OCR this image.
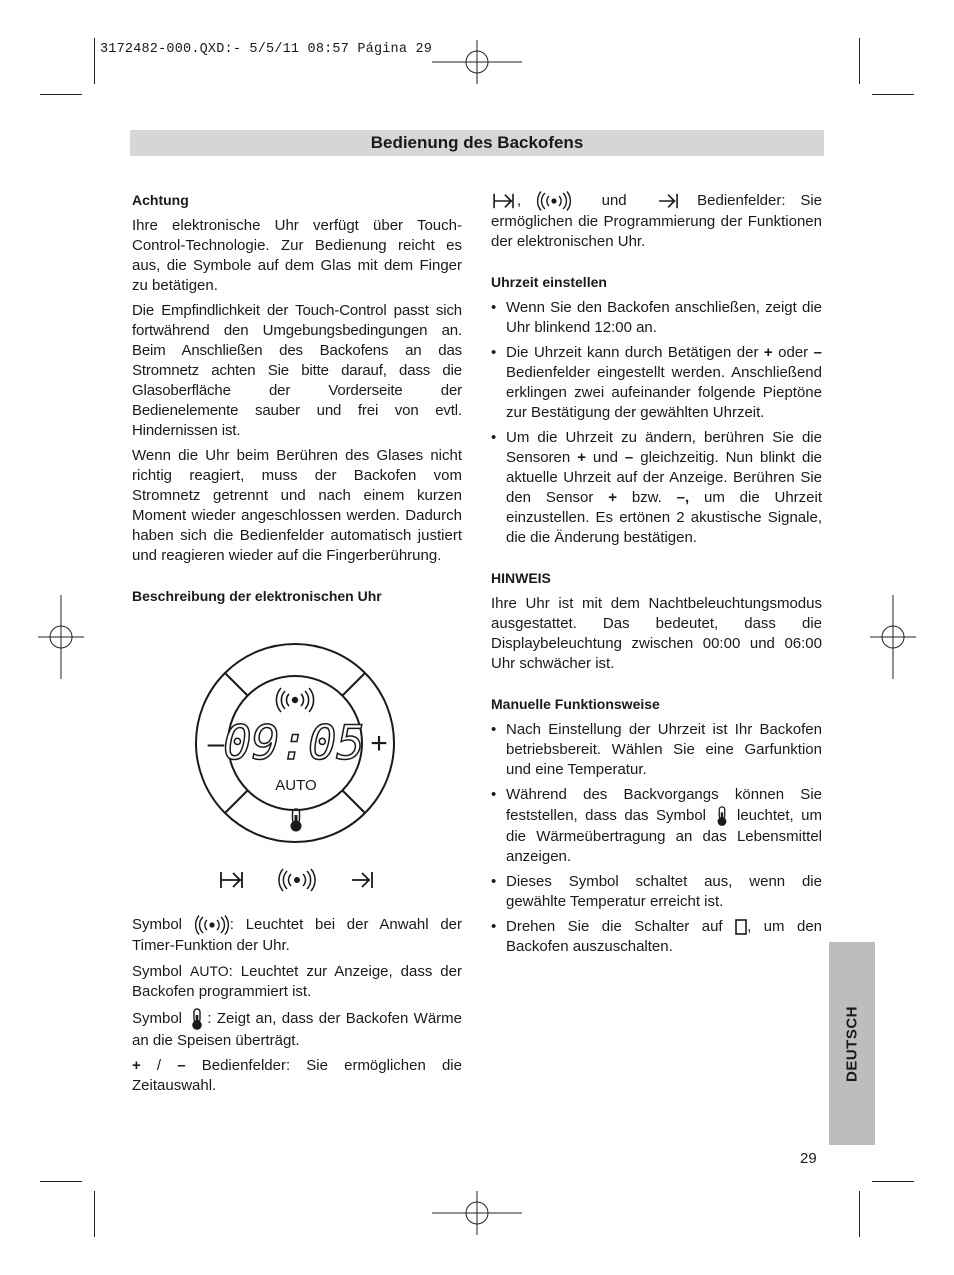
3172482-000.QXD:- 5/5/11 08:57 Página 29
Bedienung des Backofens
Achtung

Ihre elektronische Uhr verfügt über Touch-Control-Technologie. Zur Bedienung reicht es aus, die Symbole auf dem Glas mit dem Finger zu betätigen.

Die Empfindlichkeit der Touch-Control passt sich fortwährend den Umgebungsbedingungen an. Beim Anschließen des Backofens an das Stromnetz achten Sie bitte darauf, dass die Glasoberfläche der Vorderseite der Bedienelemente sauber und frei von evtl. Hindernissen ist.

Wenn die Uhr beim Berühren des Glases nicht richtig reagiert, muss der Backofen vom Stromnetz getrennt und nach einem kurzen Moment wieder angeschlossen werden. Dadurch haben sich die Bedienfelder automatisch justiert und reagieren wieder auf die Fingerberührung.

Beschreibung der elektronischen Uhr
–	+
09:05
AUTO

Symbol	: Leuchtet bei der Anwahl der Timer-Funktion der Uhr.

Symbol AUTO: Leuchtet zur Anzeige, dass der Backofen programmiert ist.

Symbol : Zeigt an, dass der Backofen Wärme an die Speisen überträgt.

+ / – Bedienfelder: Sie ermöglichen die Zeitauswahl.

,	und	Bedienfelder: Sie ermöglichen die Programmierung der Funktionen der elektronischen Uhr.

Uhrzeit einstellen
• Wenn Sie den Backofen anschließen, zeigt die Uhr blinkend 12:00 an.
• Die Uhrzeit kann durch Betätigen der + oder – Bedienfelder eingestellt werden. Anschließend erklingen zwei aufeinander folgende Pieptöne zur Bestätigung der gewählten Uhrzeit.
• Um die Uhrzeit zu ändern, berühren Sie die Sensoren + und – gleichzeitig. Nun blinkt die aktuelle Uhrzeit auf der Anzeige. Berühren Sie den Sensor + bzw. –, um die Uhrzeit einzustellen. Es ertönen 2 akustische Signale, die die Änderung bestätigen.
HINWEIS

Ihre Uhr ist mit dem Nachtbeleuchtungsmodus ausgestattet. Das bedeutet, dass die Displaybeleuchtung zwischen 00:00 und 06:00 Uhr schwächer ist.

Manuelle Funktionsweise
• Nach Einstellung der Uhrzeit ist Ihr Backofen betriebsbereit. Wählen Sie eine Garfunktion und eine Temperatur.
• Während des Backvorgangs können Sie feststellen, dass das Symbol leuchtet, um die Wärmeübertragung an das Lebensmittel anzeigen.
• Dieses Symbol schaltet aus, wenn die gewählte Temperatur erreicht ist.
• Drehen Sie die Schalter auf , um den Backofen auszuschalten.
DEUTSCH
29
